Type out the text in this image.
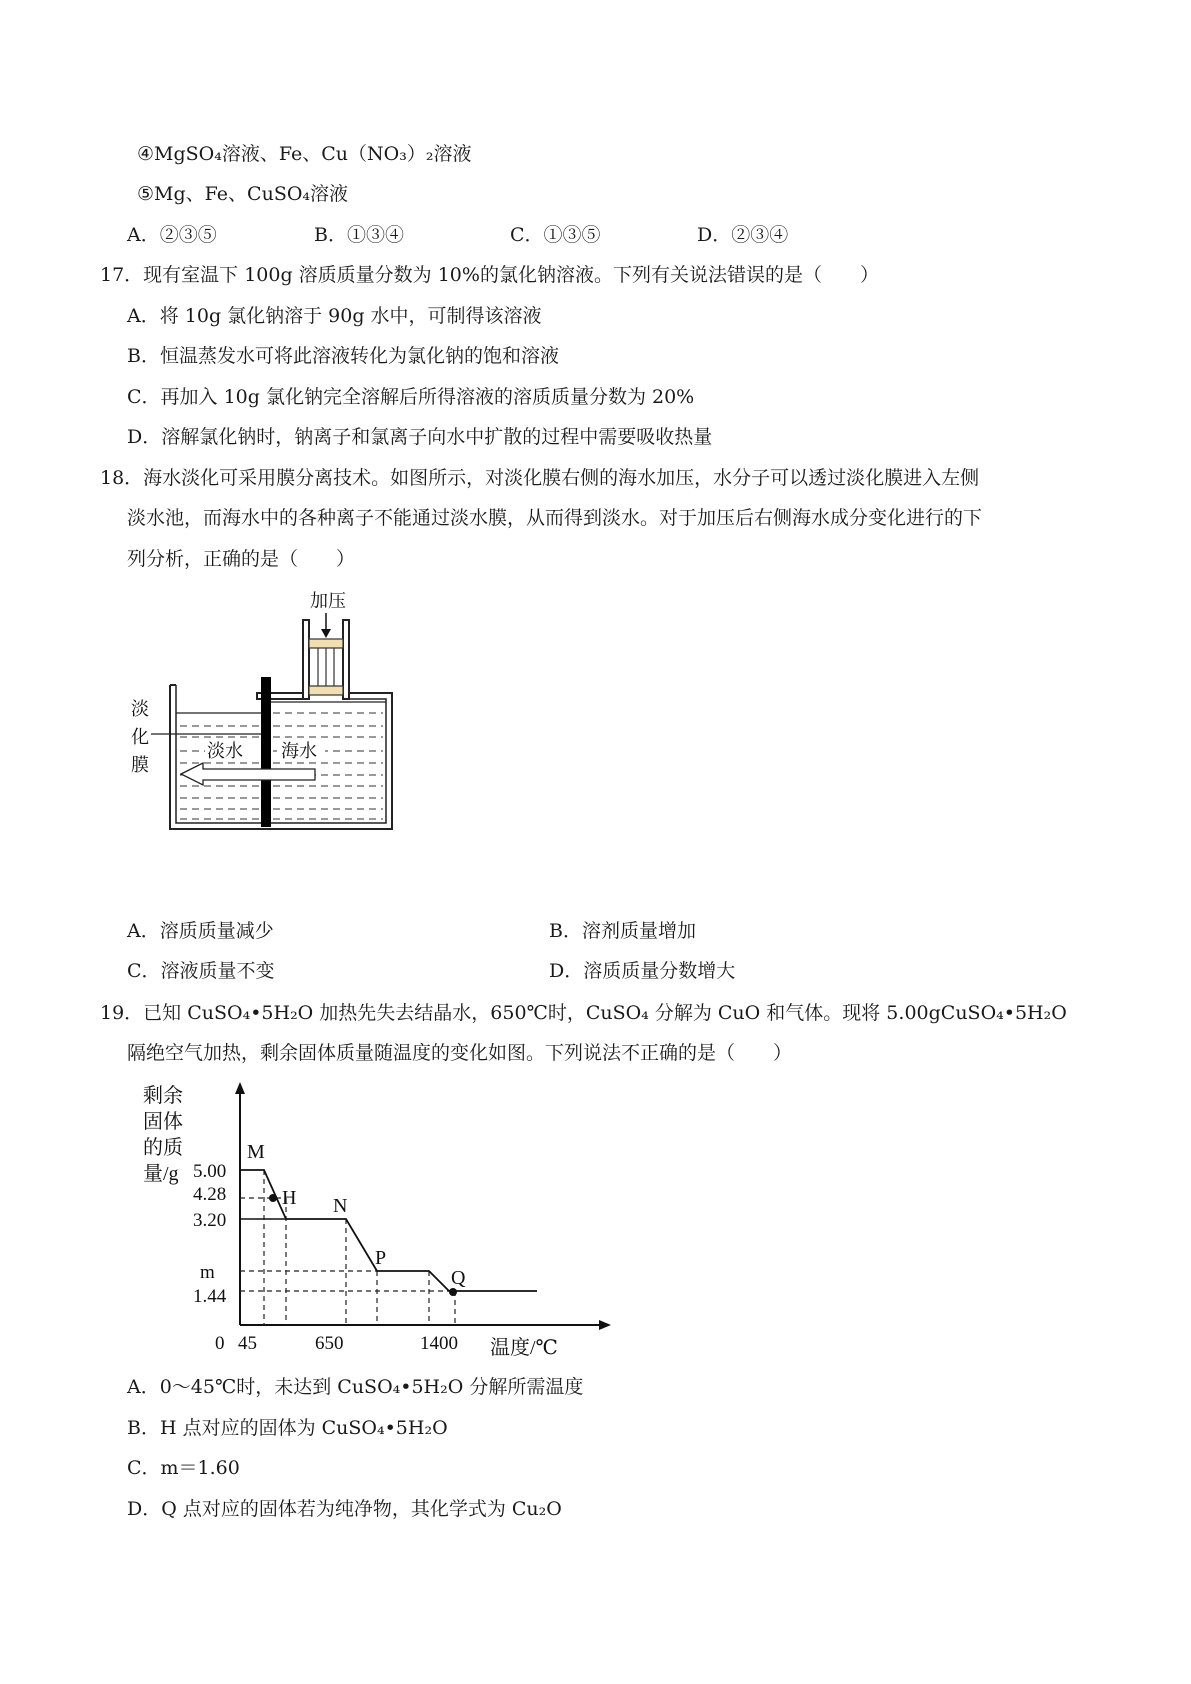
④MgSO₄溶液、Fe、Cu（NO₃）₂溶液
⑤Mg、Fe、CuSO₄溶液
A．②③⑤	B．①③④	C．①③⑤	D．②③④
17．现有室温下 100g 溶质质量分数为 10%的氯化钠溶液。下列有关说法错误的是（　　）
A．将 10g 氯化钠溶于 90g 水中，可制得该溶液
B．恒温蒸发水可将此溶液转化为氯化钠的饱和溶液
C．再加入 10g 氯化钠完全溶解后所得溶液的溶质质量分数为 20%
D．溶解氯化钠时，钠离子和氯离子向水中扩散的过程中需要吸收热量
18．海水淡化可采用膜分离技术。如图所示，对淡化膜右侧的海水加压，水分子可以透过淡化膜进入左侧
淡水池，而海水中的各种离子不能通过淡水膜，从而得到淡水。对于加压后右侧海水成分变化进行的下
列分析，正确的是（　　）
加压
淡水 海水
淡
化
膜
A．溶质质量减少	B．溶剂质量增加
C．溶液质量不变	D．溶质质量分数增大
19．已知 CuSO₄•5H₂O 加热先失去结晶水，650℃时，CuSO₄ 分解为 CuO 和气体。现将 5.00gCuSO₄•5H₂O
隔绝空气加热，剩余固体质量随温度的变化如图。下列说法不正确的是（　　）
剩余
固体
的质
量/g 5.00
4.28
3.20
m
1.44
0 45	650	1400 温度/℃
M
H N
P
Q
A．0～45℃时，未达到 CuSO₄•5H₂O 分解所需温度
B．H 点对应的固体为 CuSO₄•5H₂O
C．m＝1.60
D．Q 点对应的固体若为纯净物，其化学式为 Cu₂O
